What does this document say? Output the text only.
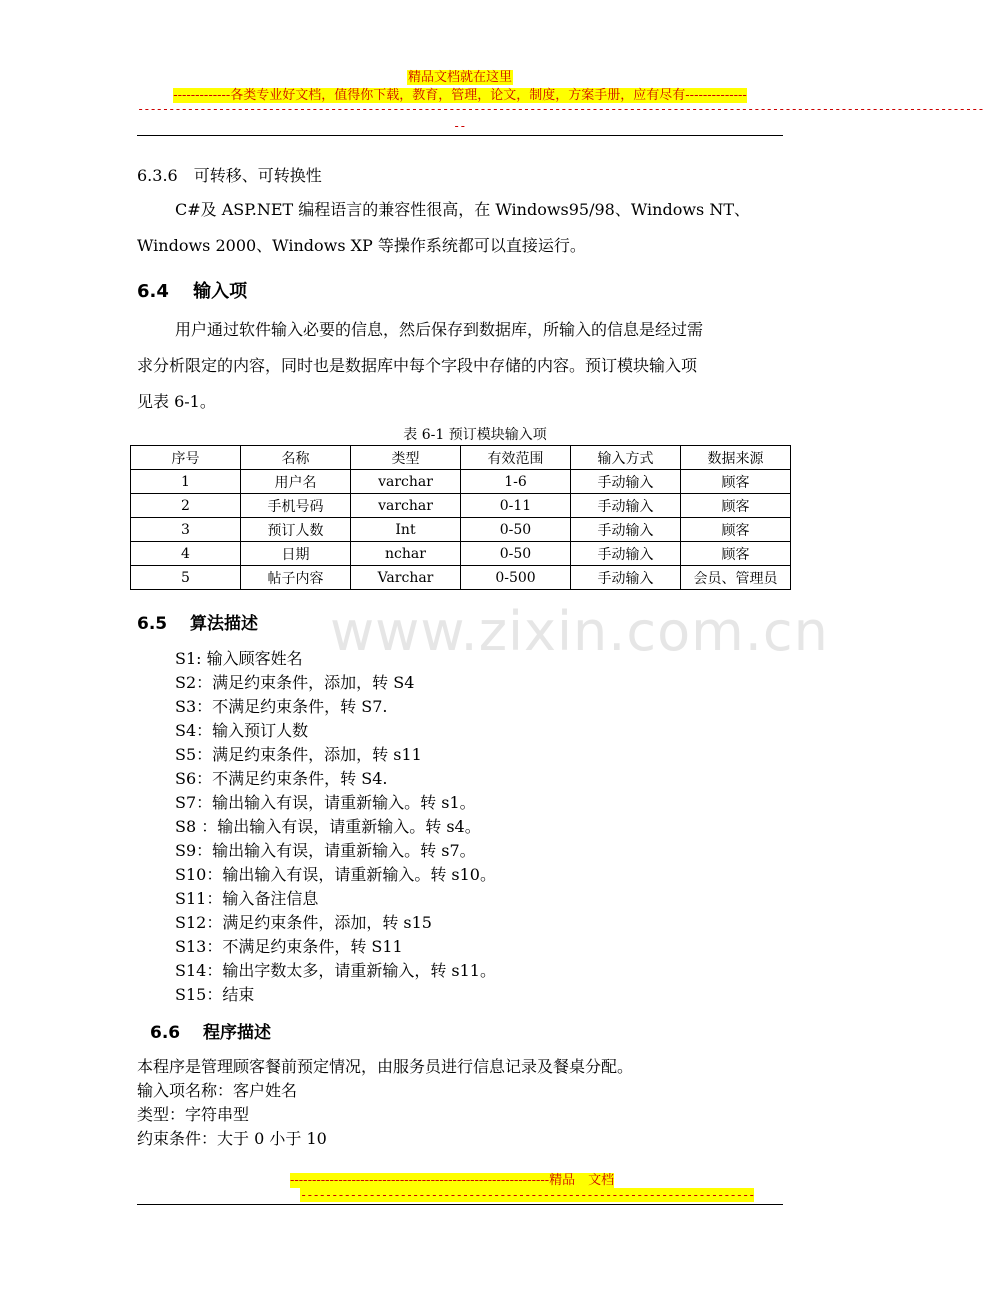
精品文档就在这里
-------------各类专业好文档，值得你下载，教育，管理，论文，制度，方案手册，应有尽有--------------
----------------------------------------------------------------------------------------------------------------------------------------
--
www.zixin.com.cn
6.3.6　可转移、可转换性
C#及 ASP.NET 编程语言的兼容性很高，在 Windows95/98、Windows NT、
Windows 2000、Windows XP 等操作系统都可以直接运行。
6.4　 输入项
用户通过软件输入必要的信息，然后保存到数据库，所输入的信息是经过需
求分析限定的内容，同时也是数据库中每个字段中存储的内容。预订模块输入项
见表 6-1。
表 6-1 预订模块输入项
序号	名称	类型	有效范围	输入方式	数据来源
1	用户名	varchar	1-6	手动输入	顾客
2	手机号码	varchar	0-11	手动输入	顾客
3	预订人数	Int	0-50	手动输入	顾客
4	日期	nchar	0-50	手动输入	顾客
5	帖子内容	Varchar	0-500	手动输入	会员、管理员
6.5　 算法描述
S1: 输入顾客姓名
S2：满足约束条件，添加，转 S4
S3：不满足约束条件，转 S7.
S4：输入预订人数
S5：满足约束条件，添加，转 s11
S6：不满足约束条件，转 S4.
S7：输出输入有误，请重新输入。转 s1。
S8 ：输出输入有误，请重新输入。转 s4。
S9：输出输入有误，请重新输入。转 s7。
S10：输出输入有误，请重新输入。转 s10。
S11：输入备注信息
S12：满足约束条件，添加，转 s15
S13：不满足约束条件，转 S11
S14：输出字数太多，请重新输入，转 s11。
S15：结束
6.6　 程序描述
本程序是管理顾客餐前预定情况，由服务员进行信息记录及餐桌分配。
输入项名称：客户姓名
类型：字符串型
约束条件：大于 0 小于 10
-----------------------------------------------------------精品　文档
-------------------------------------------------------------------------
